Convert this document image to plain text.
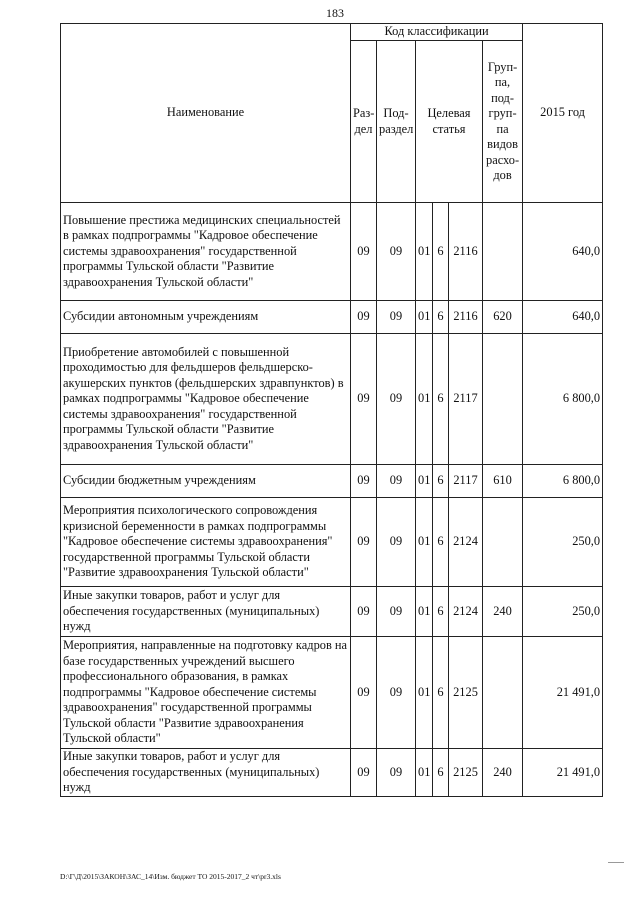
183
Наименование	Код классификации						2015 год
	Раз- дел	Под- раздел	Целевая статья			Груп- па, под- груп- па видов расхо- дов	
Повышение престижа медицинских специальностей в рамках подпрограммы "Кадровое обеспечение системы здравоохранения" государственной программы Тульской области "Развитие здравоохранения Тульской области"	09	09	01	6	2116		640,0
Субсидии автономным учреждениям	09	09	01	6	2116	620	640,0
Приобретение автомобилей с повышенной проходимостью для фельдшеров фельдшерско-акушерских пунктов (фельдшерских здравпунктов) в рамках подпрограммы "Кадровое обеспечение системы здравоохранения" государственной программы Тульской области "Развитие здравоохранения Тульской области"	09	09	01	6	2117		6 800,0
Субсидии бюджетным учреждениям	09	09	01	6	2117	610	6 800,0
Мероприятия психологического сопровождения кризисной беременности в рамках подпрограммы "Кадровое обеспечение системы здравоохранения" государственной программы Тульской области "Развитие здравоохранения Тульской области"	09	09	01	6	2124		250,0
Иные закупки товаров, работ и услуг для обеспечения государственных (муниципальных) нужд	09	09	01	6	2124	240	250,0
Мероприятия, направленные на подготовку кадров на базе государственных учреждений высшего профессионального образования, в рамках подпрограммы "Кадровое обеспечение системы здравоохранения" государственной программы Тульской области "Развитие здравоохранения Тульской области"	09	09	01	6	2125		21 491,0
Иные закупки товаров, работ и услуг для обеспечения государственных (муниципальных) нужд	09	09	01	6	2125	240	21 491,0
D:\Г\Д\2015\ЗАКОН\ЗАС_14\Изм. бюджет ТО 2015-2017_2 чт\pr3.xls
